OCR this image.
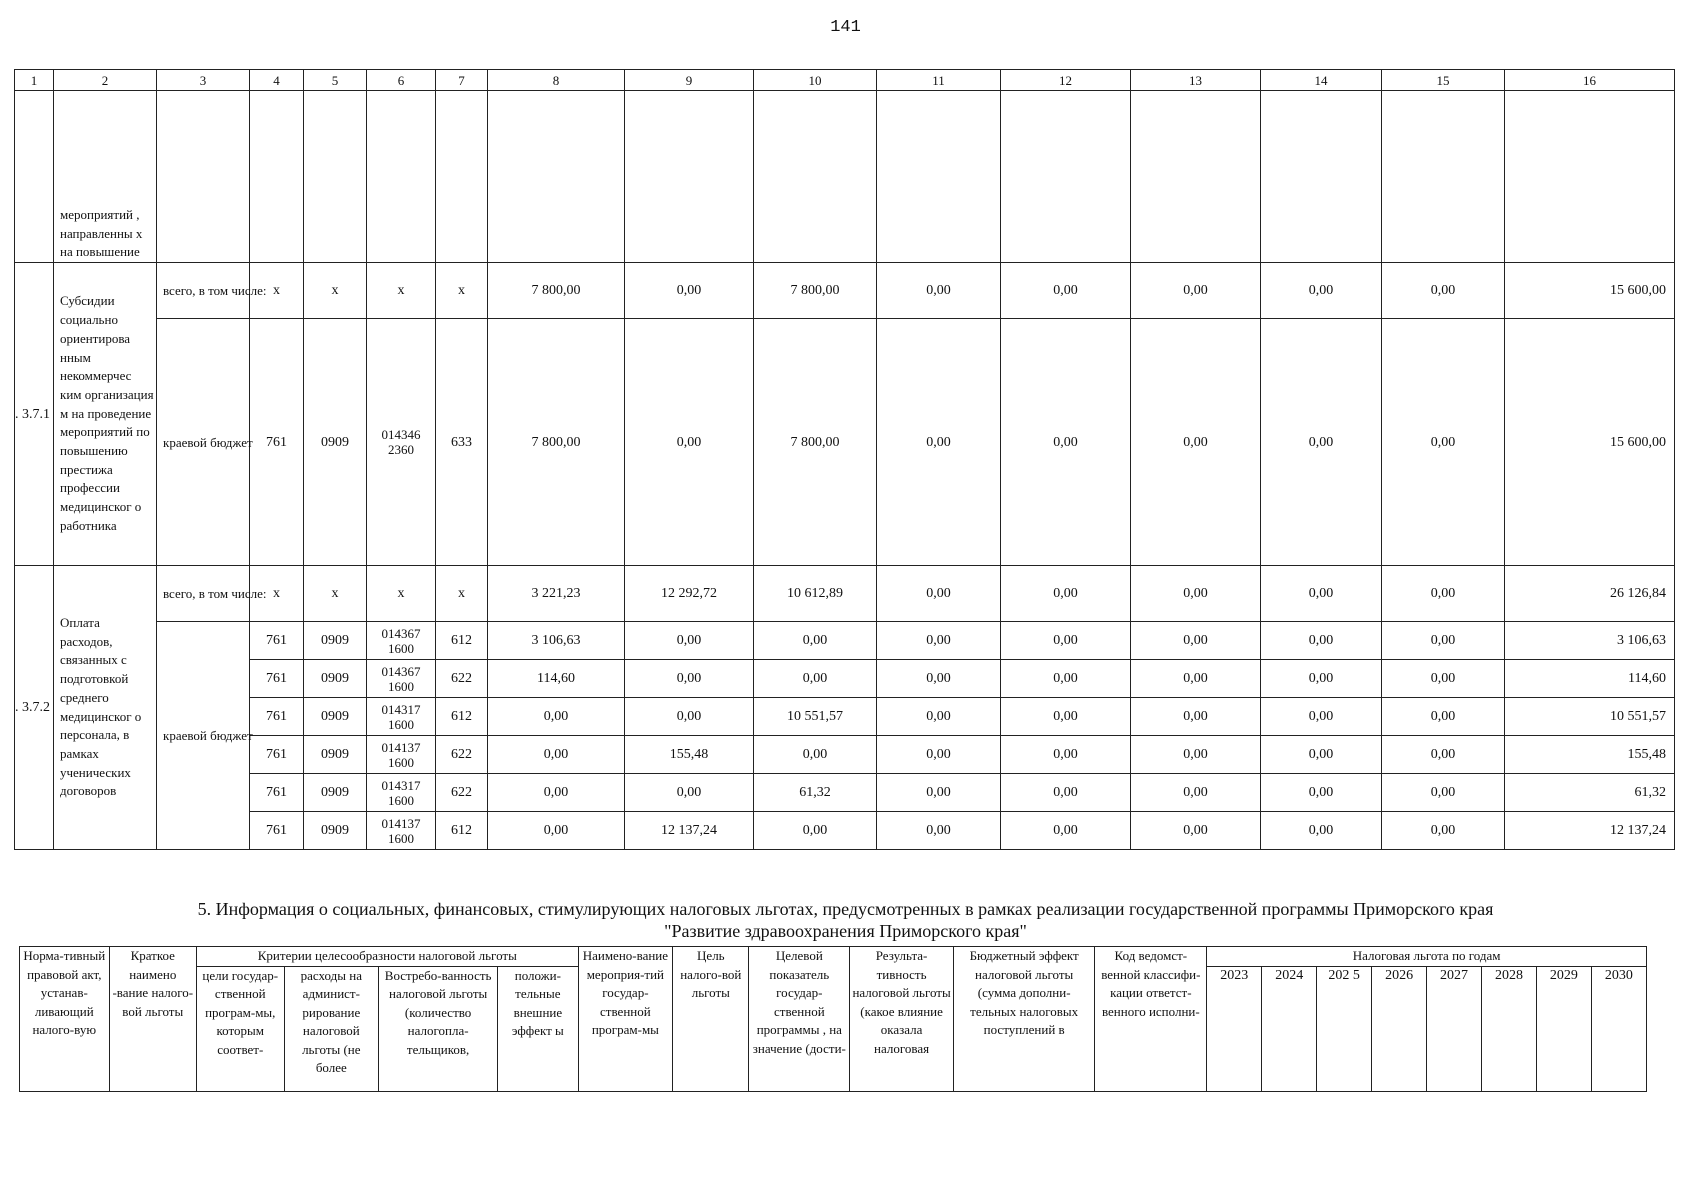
141
1	2	3	4	5	6	7	8	9	10	11	12	13	14	15	16
	мероприятий , направленны х на повышение														
3.7.1 .	Субсидии социально ориентирова нным некоммерчес ким организация м на проведение мероприятий по повышению престижа профессии медицинског о работника	всего, в том числе:	x	x	x	x	7 800,00	0,00	7 800,00	0,00	0,00	0,00	0,00	0,00	15 600,00
		краевой бюджет	761	0909	014346 2360	633	7 800,00	0,00	7 800,00	0,00	0,00	0,00	0,00	0,00	15 600,00
3.7.2 .	Оплата расходов, связанных с подготовкой среднего медицинског о персонала, в рамках ученических договоров	всего, в том числе:	x	x	x	x	3 221,23	12 292,72	10 612,89	0,00	0,00	0,00	0,00	0,00	26 126,84
		краевой бюджет	761	0909	014367 1600	612	3 106,63	0,00	0,00	0,00	0,00	0,00	0,00	0,00	3 106,63
			761	0909	014367 1600	622	114,60	0,00	0,00	0,00	0,00	0,00	0,00	0,00	114,60
			761	0909	014317 1600	612	0,00	0,00	10 551,57	0,00	0,00	0,00	0,00	0,00	10 551,57
			761	0909	014137 1600	622	0,00	155,48	0,00	0,00	0,00	0,00	0,00	0,00	155,48
			761	0909	014317 1600	622	0,00	0,00	61,32	0,00	0,00	0,00	0,00	0,00	61,32
			761	0909	014137 1600	612	0,00	12 137,24	0,00	0,00	0,00	0,00	0,00	0,00	12 137,24
5. Информация о социальных, финансовых, стимулирующих налоговых льготах, предусмотренных в рамках реализации государственной программы Приморского края
"Развитие здравоохранения Приморского края"
Норма-тивный правовой акт, устанав-ливающий налого-вую	Краткое наимено -вание налого-вой льготы	Критерии целесообразности налоговой льготы				Наимено-вание мероприя-тий государ-ственной програм-мы	Цель налого-вой льготы	Целевой показатель государ-ственной программы , на значение (дости-	Результа-тивность налоговой льготы (какое влияние оказала налоговая	Бюджетный эффект налоговой льготы (сумма дополни-тельных налоговых поступлений в	Код ведомст-венной классифи-кации ответст-венного исполни-	Налоговая льгота по годам							
		цели государ-ственной програм-мы, которым соответ-	расходы на админист-рирование налоговой льготы (не более	Востребо-ванность налоговой льготы (количество налогопла-тельщиков,	положи-тельные внешние эффект ы							2023	2024	202 5	2026	2027	2028	2029	2030
